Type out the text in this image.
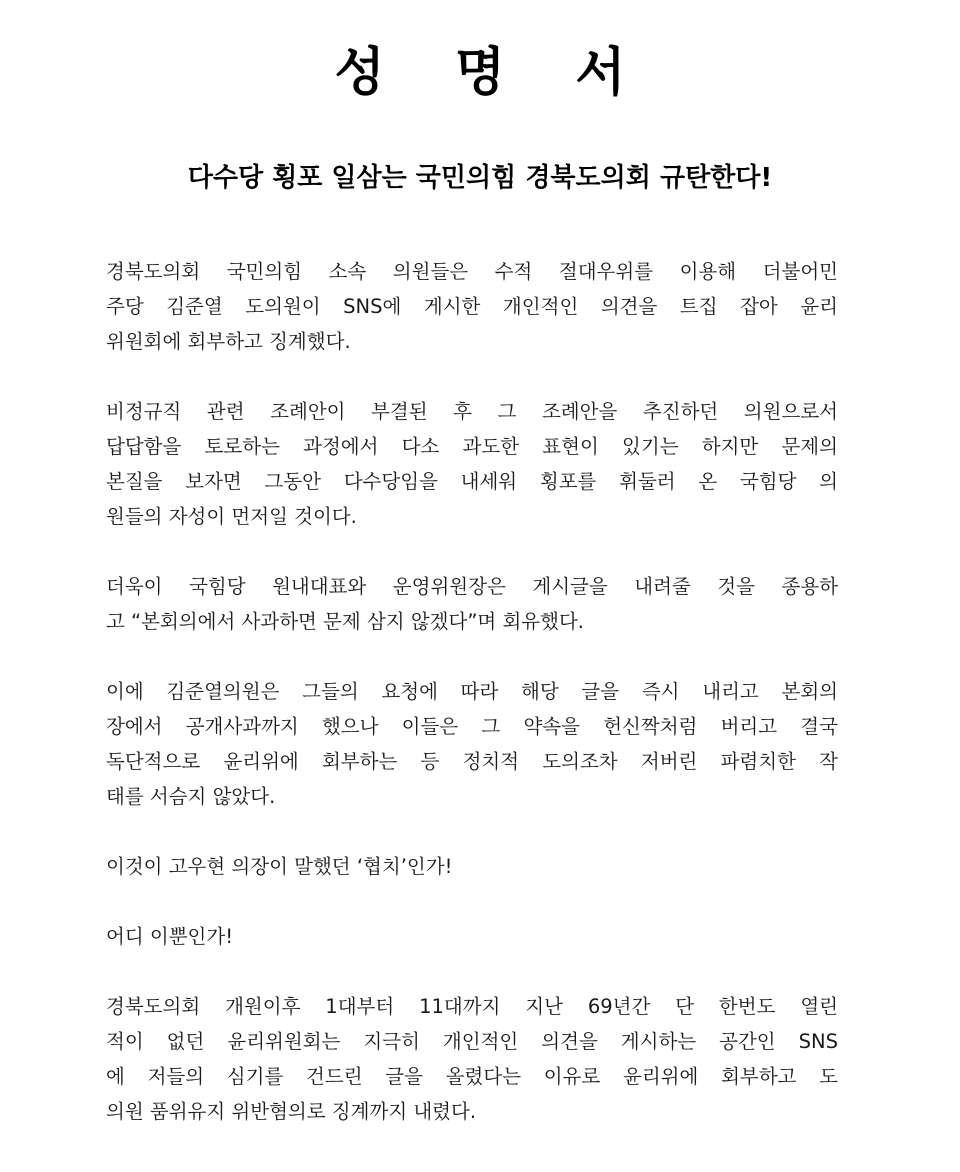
성 명 서
다수당 횡포 일삼는 국민의힘 경북도의회 규탄한다!

경북도의회 국민의힘 소속 의원들은 수적 절대우위를 이용해 더불어민
주당 김준열 도의원이 SNS에 게시한 개인적인 의견을 트집 잡아 윤리
위원회에 회부하고 징계했다.

비정규직 관련 조례안이 부결된 후 그 조례안을 추진하던 의원으로서
답답함을 토로하는 과정에서 다소 과도한 표현이 있기는 하지만 문제의
본질을 보자면 그동안 다수당임을 내세워 횡포를 휘둘러 온 국힘당 의
원들의 자성이 먼저일 것이다.

더욱이 국힘당 원내대표와 운영위원장은 게시글을 내려줄 것을 종용하
고 “본회의에서 사과하면 문제 삼지 않겠다”며 회유했다.

이에 김준열의원은 그들의 요청에 따라 해당 글을 즉시 내리고 본회의
장에서 공개사과까지 했으나 이들은 그 약속을 헌신짝처럼 버리고 결국
독단적으로 윤리위에 회부하는 등 정치적 도의조차 저버린 파렴치한 작
태를 서슴지 않았다.

이것이 고우현 의장이 말했던 ‘협치’인가!

어디 이뿐인가!

경북도의회 개원이후 1대부터 11대까지 지난 69년간 단 한번도 열린
적이 없던 윤리위원회는 지극히 개인적인 의견을 게시하는 공간인 SNS
에 저들의 심기를 건드린 글을 올렸다는 이유로 윤리위에 회부하고 도
의원 품위유지 위반혐의로 징계까지 내렸다.
